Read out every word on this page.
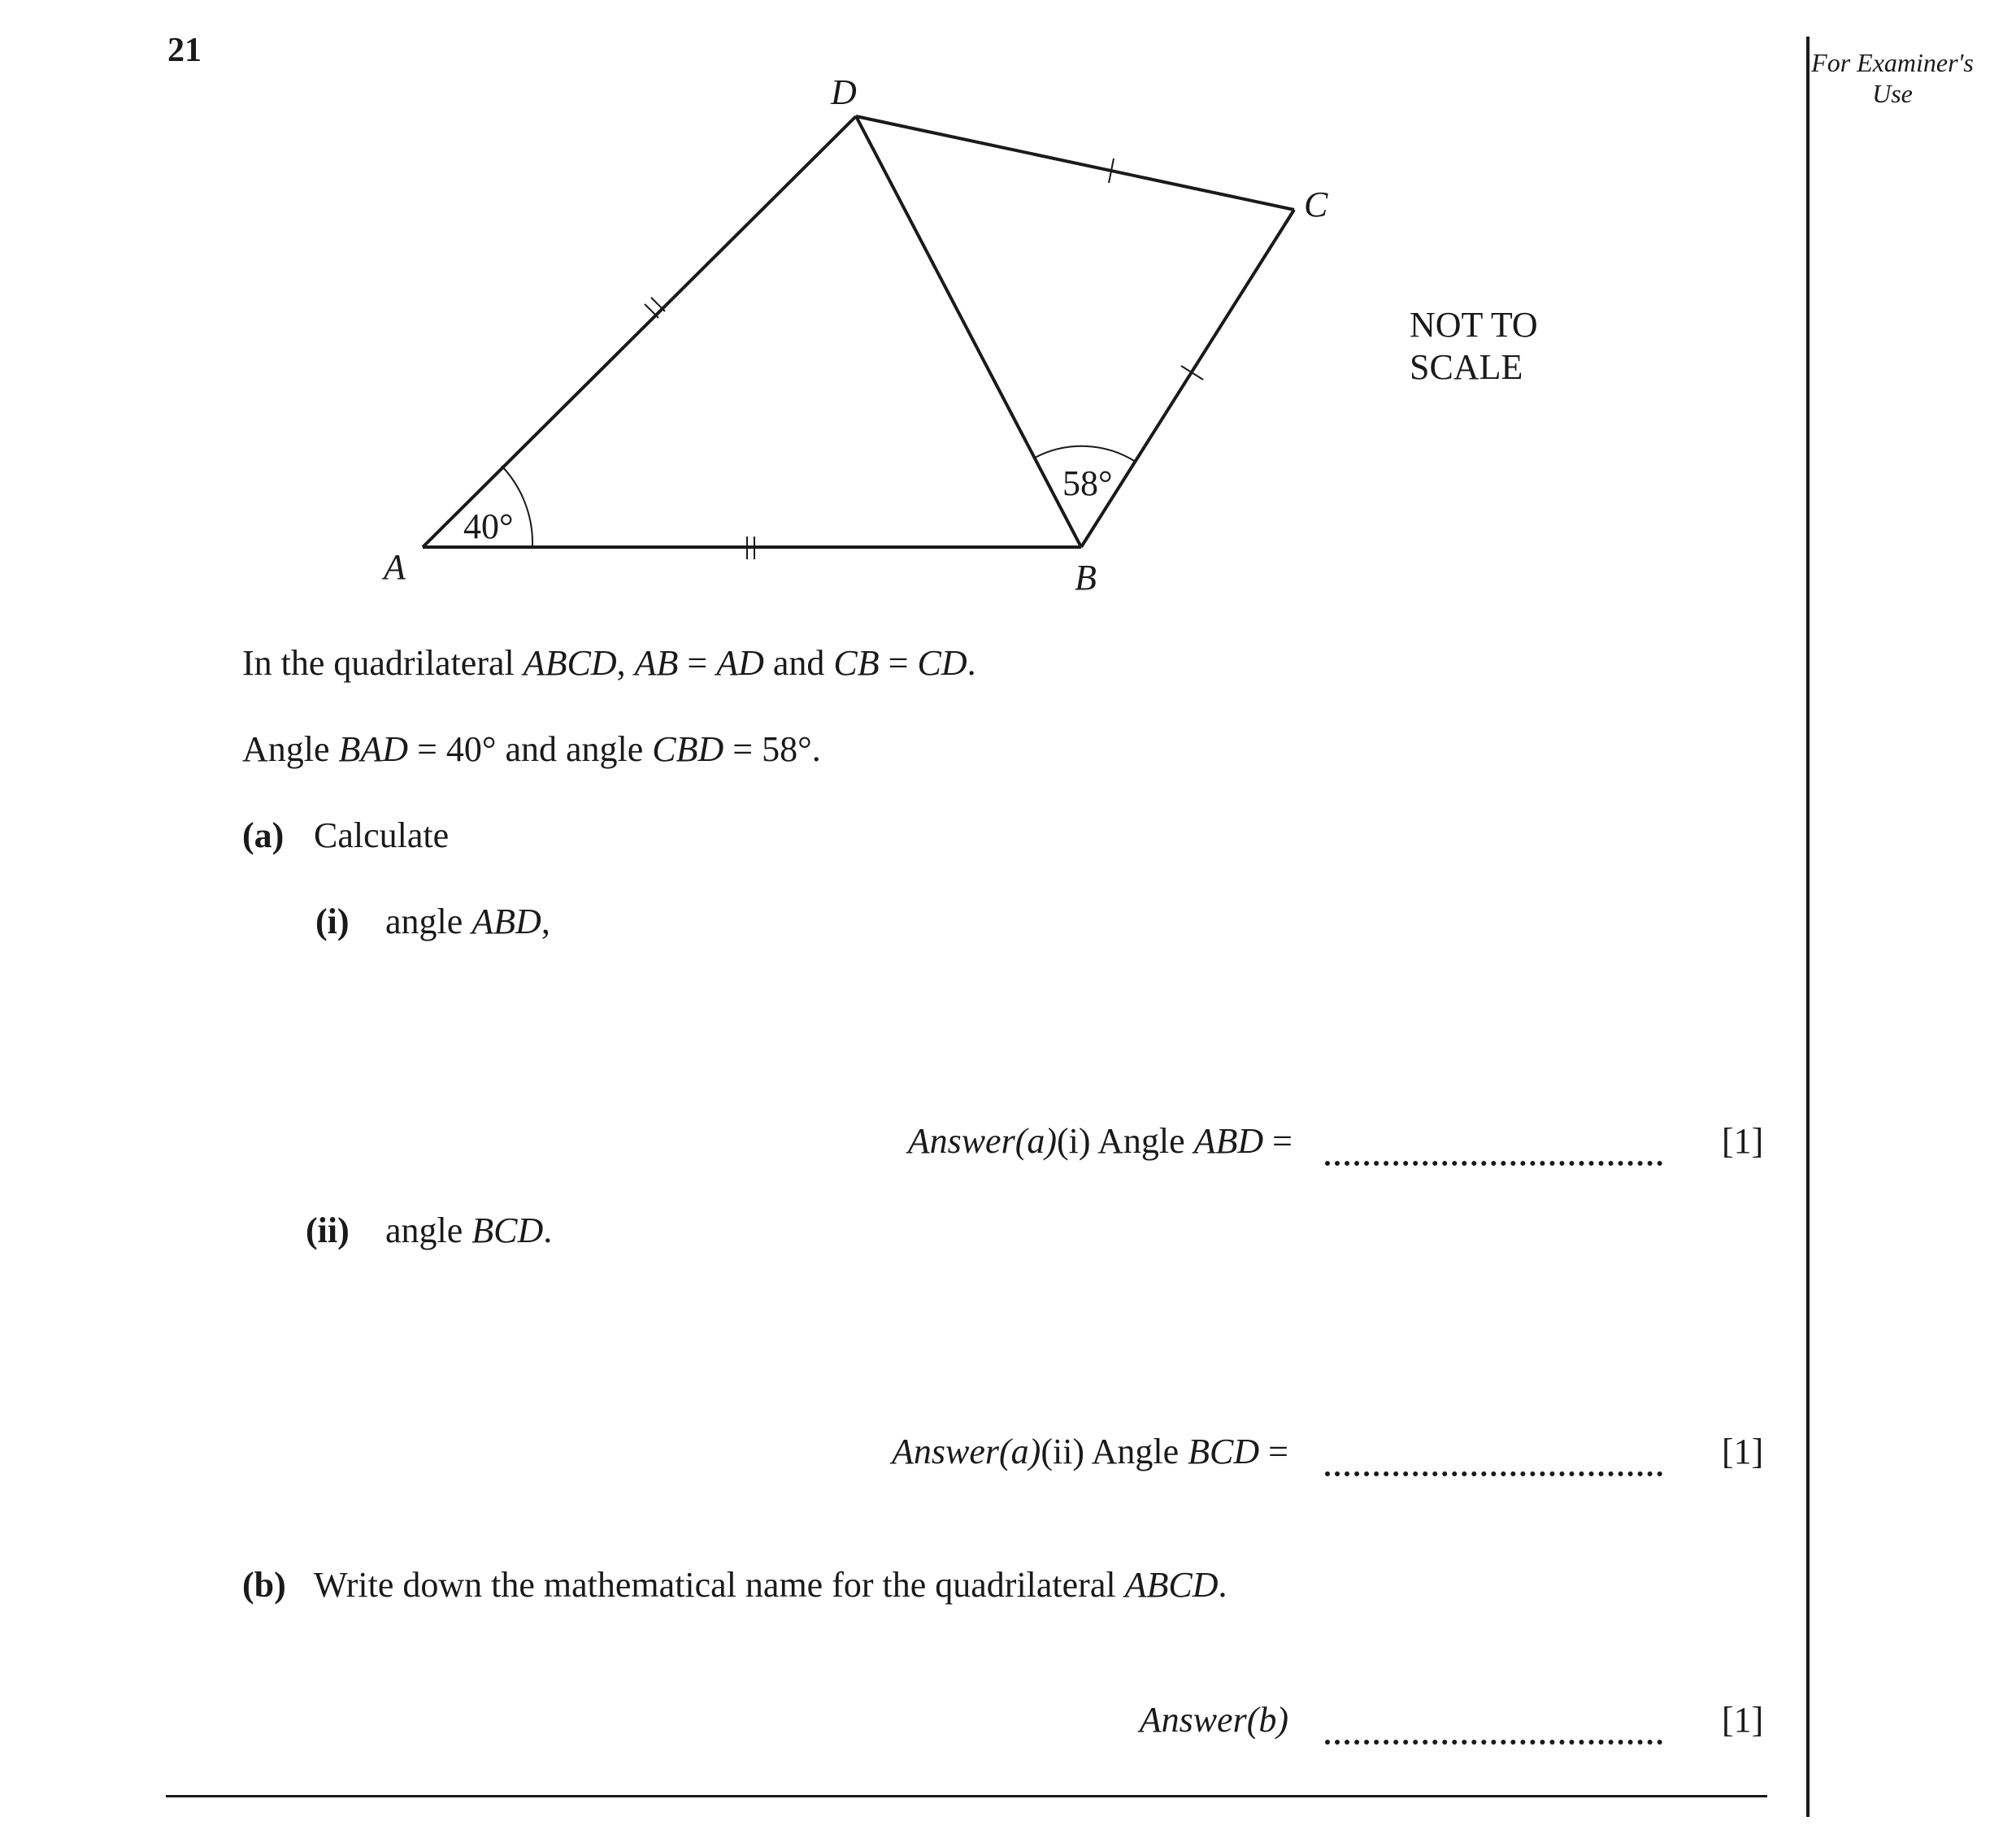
21	For Examiner's Use
A	B
C
D
40°
58°
NOT TO
SCALE
In the quadrilateral ABCD, AB = AD and CB = CD.
Angle BAD = 40° and angle CBD = 58°.
(a) Calculate
(i) angle ABD,
Answer(a)(i) Angle ABD =	[1]
(ii) angle BCD.
Answer(a)(ii) Angle BCD =	[1]
(b) Write down the mathematical name for the quadrilateral ABCD.
Answer(b)	[1]
